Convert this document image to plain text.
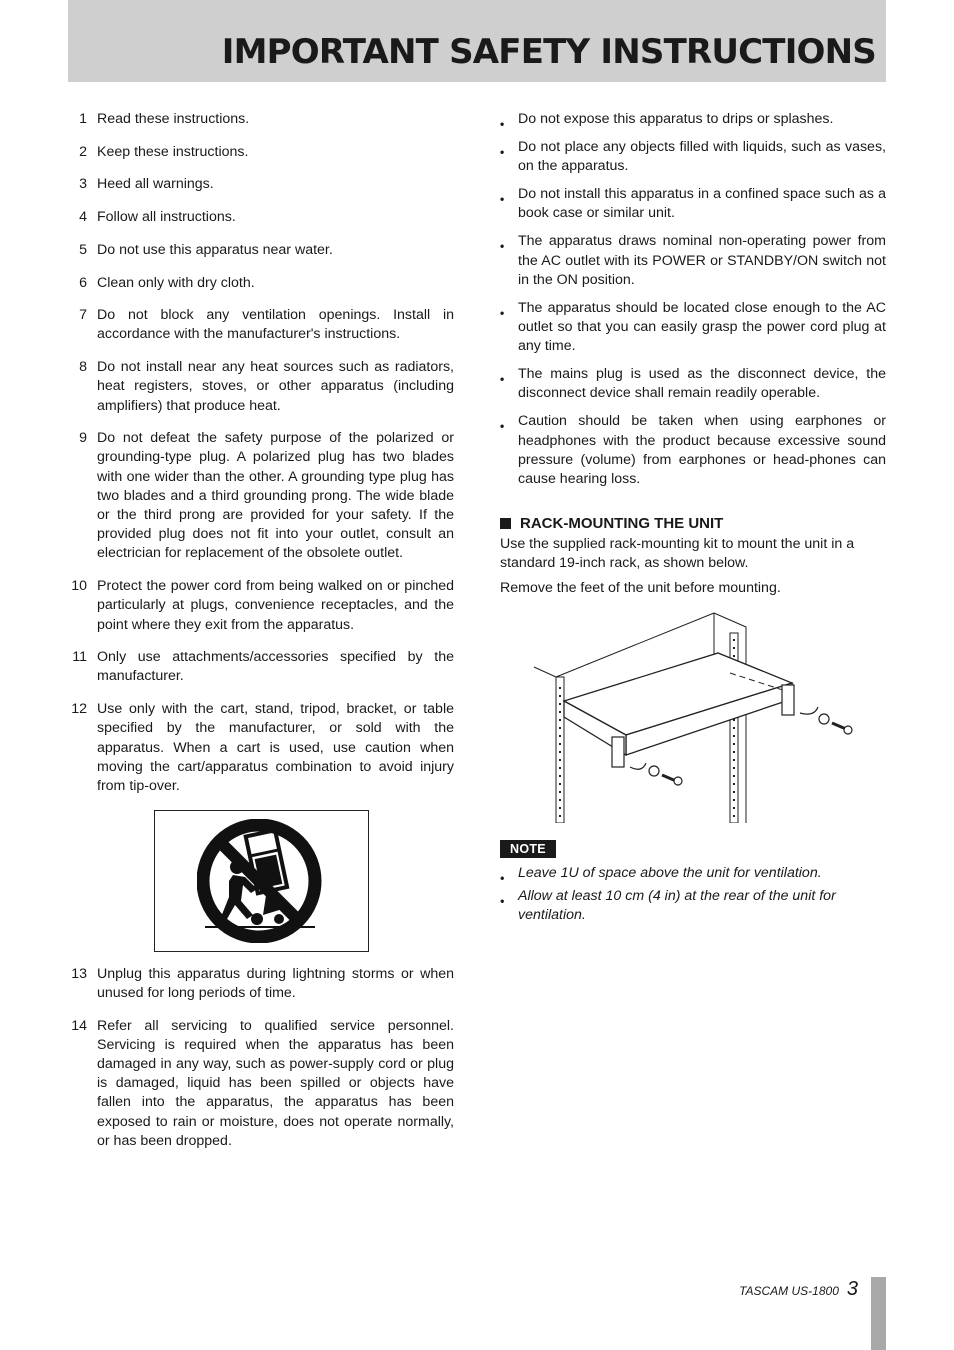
IMPORTANT SAFETY INSTRUCTIONS
1 Read these instructions.
2 Keep these instructions.
3 Heed all warnings.
4 Follow all instructions.
5 Do not use this apparatus near water.
6 Clean only with dry cloth.
7 Do not block any ventilation openings. Install in accordance with the manufacturer's instructions.
8 Do not install near any heat sources such as radiators, heat registers, stoves, or other apparatus (including amplifiers) that produce heat.
9 Do not defeat the safety purpose of the polarized or grounding-type plug. A polarized plug has two blades with one wider than the other. A grounding type plug has two blades and a third grounding prong. The wide blade or the third prong are provided for your safety. If the provided plug does not fit into your outlet, consult an electrician for replacement of the obsolete outlet.
10 Protect the power cord from being walked on or pinched particularly at plugs, convenience receptacles, and the point where they exit from the apparatus.
11 Only use attachments/accessories specified by the manufacturer.
12 Use only with the cart, stand, tripod, bracket, or table specified by the manufacturer, or sold with the apparatus. When a cart is used, use caution when moving the cart/apparatus combination to avoid injury from tip-over.
13 Unplug this apparatus during lightning storms or when unused for long periods of time.
14 Refer all servicing to qualified service personnel. Servicing is required when the apparatus has been damaged in any way, such as power-supply cord or plug is damaged, liquid has been spilled or objects have fallen into the apparatus, the apparatus has been exposed to rain or moisture, does not operate normally, or has been dropped.
• Do not expose this apparatus to drips or splashes.
• Do not place any objects filled with liquids, such as vases, on the apparatus.
• Do not install this apparatus in a confined space such as a book case or similar unit.
• The apparatus draws nominal non-operating power from the AC outlet with its POWER or STANDBY/ON switch not in the ON position.
• The apparatus should be located close enough to the AC outlet so that you can easily grasp the power cord plug at any time.
• The mains plug is used as the disconnect device, the disconnect device shall remain readily operable.
• Caution should be taken when using earphones or headphones with the product because excessive sound pressure (volume) from earphones or head-phones can cause hearing loss.
RACK-MOUNTING THE UNIT

Use the supplied rack-mounting kit to mount the unit in a standard 19-inch rack, as shown below.

Remove the feet of the unit before mounting.

NOTE
• Leave 1U of space above the unit for ventilation.
• Allow at least 10 cm (4 in) at the rear of the unit for ventilation.
TASCAM US-1800 3
